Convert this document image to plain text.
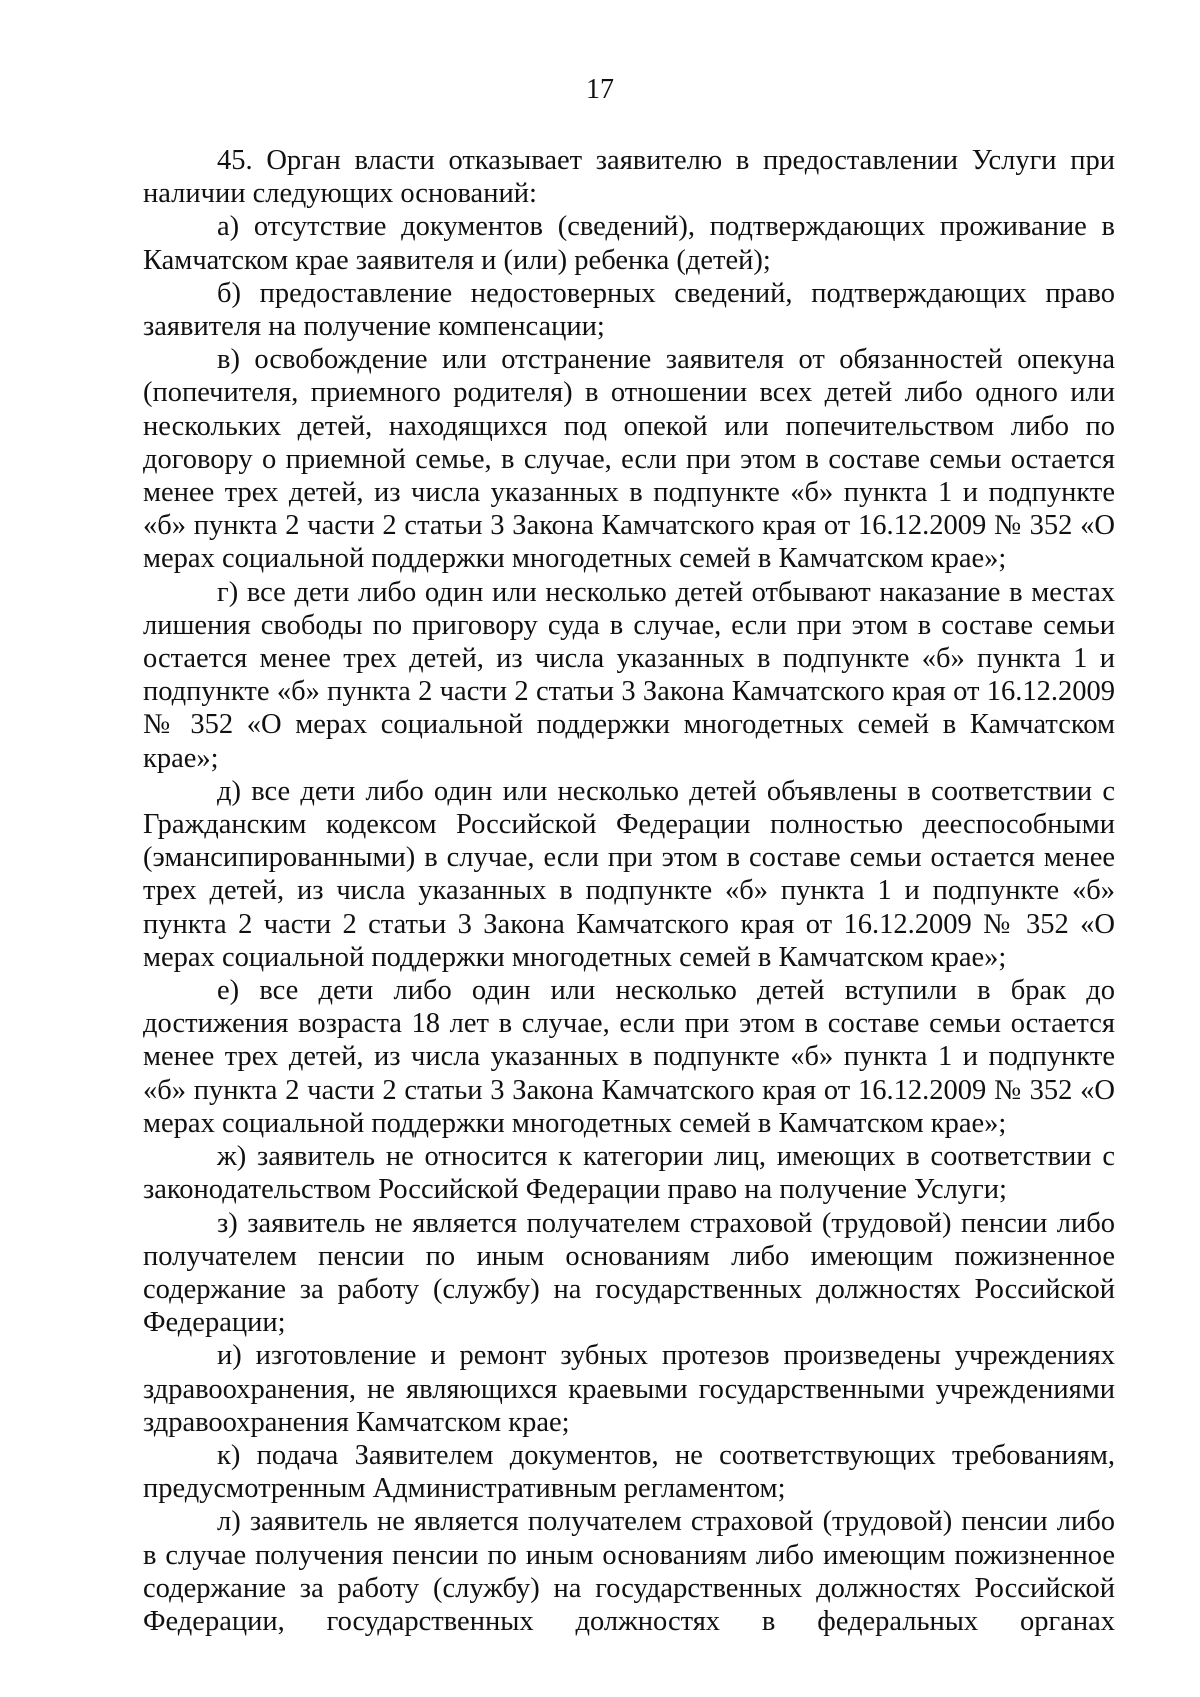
17

45. Орган власти отказывает заявителю в предоставлении Услуги при наличии следующих оснований:

а) отсутствие документов (сведений), подтверждающих проживание в Камчатском крае заявителя и (или) ребенка (детей);

б) предоставление недостоверных сведений, подтверждающих право заявителя на получение компенсации;

в) освобождение или отстранение заявителя от обязанностей опекуна (попечителя, приемного родителя) в отношении всех детей либо одного или нескольких детей, находящихся под опекой или попечительством либо по договору о приемной семье, в случае, если при этом в составе семьи остается менее трех детей, из числа указанных в подпункте «б» пункта 1 и подпункте «б» пункта 2 части 2 статьи 3 Закона Камчатского края от 16.12.2009 № 352 «О мерах социальной поддержки многодетных семей в Камчатском крае»;

г) все дети либо один или несколько детей отбывают наказание в местах лишения свободы по приговору суда в случае, если при этом в составе семьи остается менее трех детей, из числа указанных в подпункте «б» пункта 1 и подпункте «б» пункта 2 части 2 статьи 3 Закона Камчатского края от 16.12.2009 № 352 «О мерах социальной поддержки многодетных семей в Камчатском крае»;

д) все дети либо один или несколько детей объявлены в соответствии с Гражданским кодексом Российской Федерации полностью дееспособными (эмансипированными) в случае, если при этом в составе семьи остается менее трех детей, из числа указанных в подпункте «б» пункта 1 и подпункте «б» пункта 2 части 2 статьи 3 Закона Камчатского края от 16.12.2009 № 352 «О мерах социальной поддержки многодетных семей в Камчатском крае»;

е) все дети либо один или несколько детей вступили в брак до достижения возраста 18 лет в случае, если при этом в составе семьи остается менее трех детей, из числа указанных в подпункте «б» пункта 1 и подпункте «б» пункта 2 части 2 статьи 3 Закона Камчатского края от 16.12.2009 № 352 «О мерах социальной поддержки многодетных семей в Камчатском крае»;

ж) заявитель не относится к категории лиц, имеющих в соответствии с законодательством Российской Федерации право на получение Услуги;

з) заявитель не является получателем страховой (трудовой) пенсии либо получателем пенсии по иным основаниям либо имеющим пожизненное содержание за работу (службу) на государственных должностях Российской Федерации;

и) изготовление и ремонт зубных протезов произведены учреждениях здравоохранения, не являющихся краевыми государственными учреждениями здравоохранения Камчатском крае;

к) подача Заявителем документов, не соответствующих требованиям, предусмотренным Административным регламентом;

л) заявитель не является получателем страховой (трудовой) пенсии либо в случае получения пенсии по иным основаниям либо имеющим пожизненное содержание за работу (службу) на государственных должностях Российской Федерации, государственных должностях в федеральных органах
